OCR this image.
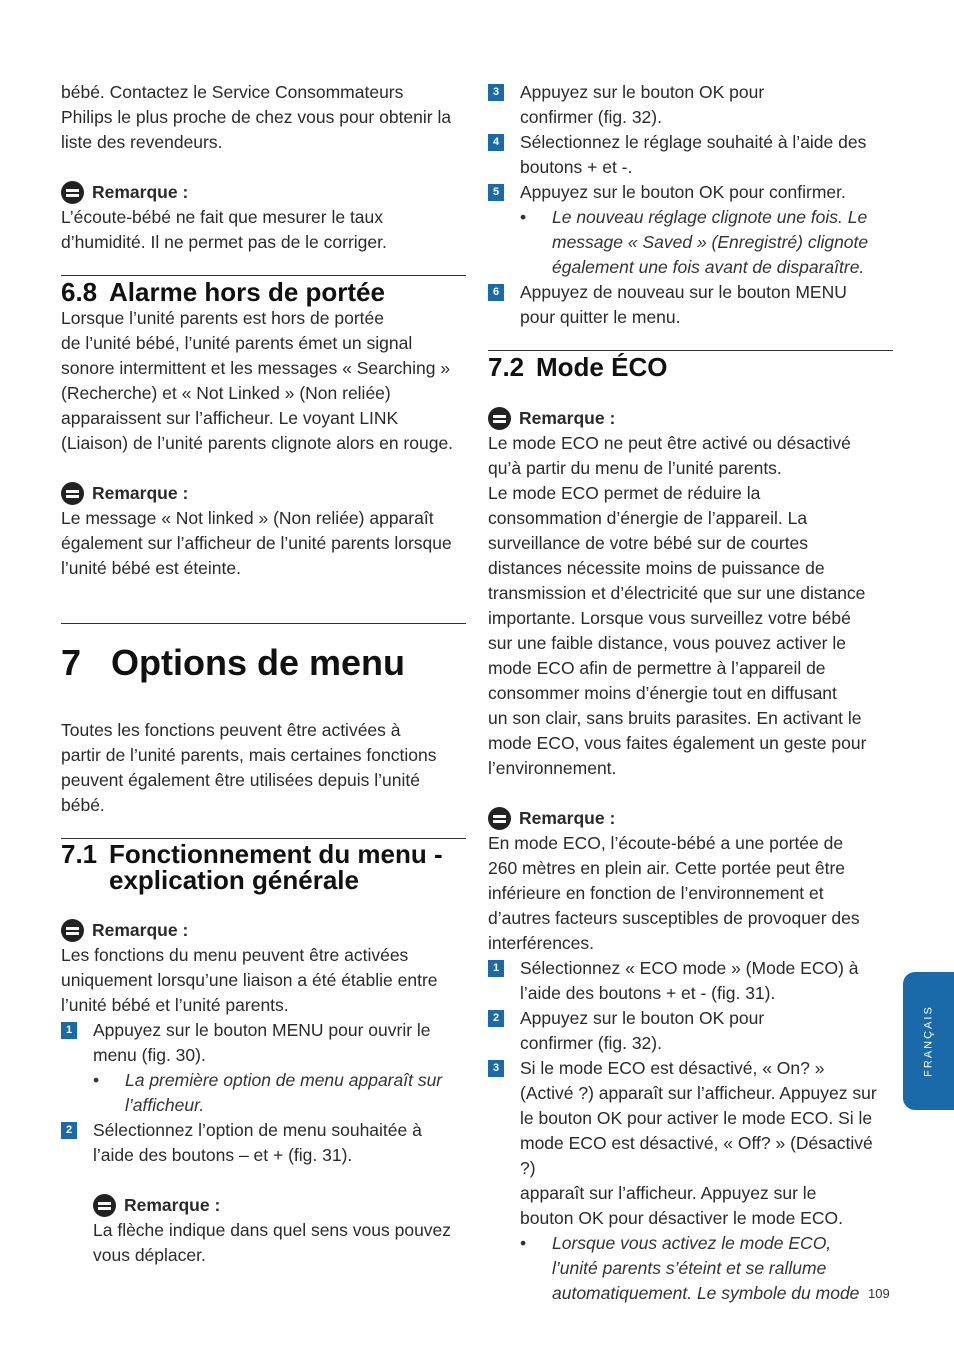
bébé. Contactez le Service Consommateurs

Philips le plus proche de chez vous pour obtenir la

liste des revendeurs.

Remarque :

L’écoute-bébé ne fait que mesurer le taux

d’humidité. Il ne permet pas de le corriger.

6.8 Alarme hors de portée

Lorsque l’unité parents est hors de portée

de l’unité bébé, l’unité parents émet un signal

sonore intermittent et les messages « Searching »

(Recherche) et « Not Linked » (Non reliée)

apparaissent sur l’afficheur. Le voyant LINK

(Liaison) de l’unité parents clignote alors en rouge.

Remarque :

Le message « Not linked » (Non reliée) apparaît

également sur l’afficheur de l’unité parents lorsque

l’unité bébé est éteinte.

7 Options de menu

Toutes les fonctions peuvent être activées à

partir de l’unité parents, mais certaines fonctions

peuvent également être utilisées depuis l’unité

bébé.

7.1 Fonctionnement du menu -
explication générale
Remarque :

Les fonctions du menu peuvent être activées

uniquement lorsqu’une liaison a été établie entre

l’unité bébé et l’unité parents.

1 Appuyez sur le bouton MENU pour ouvrir le

menu (fig. 30).

•	La première option de menu apparaît sur

l’afficheur.

2 Sélectionnez l’option de menu souhaitée à

l’aide des boutons – et + (fig. 31).

Remarque :

La flèche indique dans quel sens vous pouvez

vous déplacer.

3 Appuyez sur le bouton OK pour

confirmer (fig. 32).

4 Sélectionnez le réglage souhaité à l’aide des

boutons + et -.

5 Appuyez sur le bouton OK pour confirmer.

•	Le nouveau réglage clignote une fois. Le

message « Saved » (Enregistré) clignote

également une fois avant de disparaître.

6 Appuyez de nouveau sur le bouton MENU

pour quitter le menu.

7.2 Mode ÉCO
Remarque :

Le mode ECO ne peut être activé ou désactivé

qu’à partir du menu de l’unité parents.

Le mode ECO permet de réduire la

consommation d’énergie de l’appareil. La

surveillance de votre bébé sur de courtes

distances nécessite moins de puissance de

transmission et d’électricité que sur une distance

importante. Lorsque vous surveillez votre bébé

sur une faible distance, vous pouvez activer le

mode ECO afin de permettre à l’appareil de

consommer moins d’énergie tout en diffusant

un son clair, sans bruits parasites. En activant le

mode ECO, vous faites également un geste pour

l’environnement.

Remarque :

En mode ECO, l’écoute-bébé a une portée de

260 mètres en plein air. Cette portée peut être

inférieure en fonction de l’environnement et

d’autres facteurs susceptibles de provoquer des

interférences.

1 Sélectionnez « ECO mode » (Mode ECO) à

l’aide des boutons + et - (fig. 31).

2 Appuyez sur le bouton OK pour

confirmer (fig. 32).

3 Si le mode ECO est désactivé, « On? »

(Activé ?) apparaît sur l’afficheur. Appuyez sur

le bouton OK pour activer le mode ECO. Si le

mode ECO est désactivé, « Off? » (Désactivé ?)

apparaît sur l’afficheur. Appuyez sur le

bouton OK pour désactiver le mode ECO.

•	Lorsque vous activez le mode ECO,

l’unité parents s’éteint et se rallume

automatiquement. Le symbole du mode

FRANÇAIS
109
